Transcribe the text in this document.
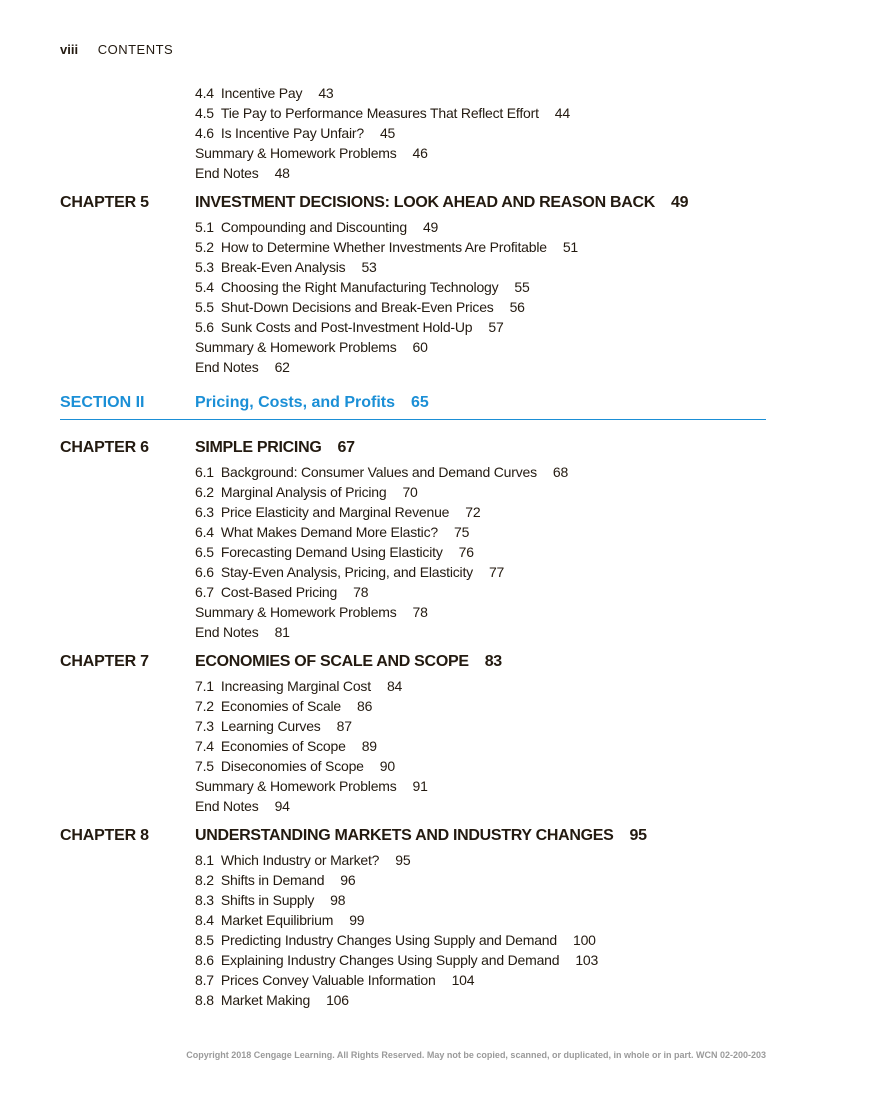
viii CONTENTS
4.4 Incentive Pay 43
4.5 Tie Pay to Performance Measures That Reflect Effort 44
4.6 Is Incentive Pay Unfair? 45
Summary & Homework Problems 46
End Notes 48
CHAPTER 5	INVESTMENT DECISIONS: LOOK AHEAD AND REASON BACK 49
5.1 Compounding and Discounting 49
5.2 How to Determine Whether Investments Are Profitable 51
5.3 Break-Even Analysis 53
5.4 Choosing the Right Manufacturing Technology 55
5.5 Shut-Down Decisions and Break-Even Prices 56
5.6 Sunk Costs and Post-Investment Hold-Up 57
Summary & Homework Problems 60
End Notes 62
SECTION II	Pricing, Costs, and Profits 65
CHAPTER 6	SIMPLE PRICING 67
6.1 Background: Consumer Values and Demand Curves 68
6.2 Marginal Analysis of Pricing 70
6.3 Price Elasticity and Marginal Revenue 72
6.4 What Makes Demand More Elastic? 75
6.5 Forecasting Demand Using Elasticity 76
6.6 Stay-Even Analysis, Pricing, and Elasticity 77
6.7 Cost-Based Pricing 78
Summary & Homework Problems 78
End Notes 81
CHAPTER 7	ECONOMIES OF SCALE AND SCOPE 83
7.1 Increasing Marginal Cost 84
7.2 Economies of Scale 86
7.3 Learning Curves 87
7.4 Economies of Scope 89
7.5 Diseconomies of Scope 90
Summary & Homework Problems 91
End Notes 94
CHAPTER 8	UNDERSTANDING MARKETS AND INDUSTRY CHANGES 95
8.1 Which Industry or Market? 95
8.2 Shifts in Demand 96
8.3 Shifts in Supply 98
8.4 Market Equilibrium 99
8.5 Predicting Industry Changes Using Supply and Demand 100
8.6 Explaining Industry Changes Using Supply and Demand 103
8.7 Prices Convey Valuable Information 104
8.8 Market Making 106
Copyright 2018 Cengage Learning. All Rights Reserved. May not be copied, scanned, or duplicated, in whole or in part. WCN 02-200-203
